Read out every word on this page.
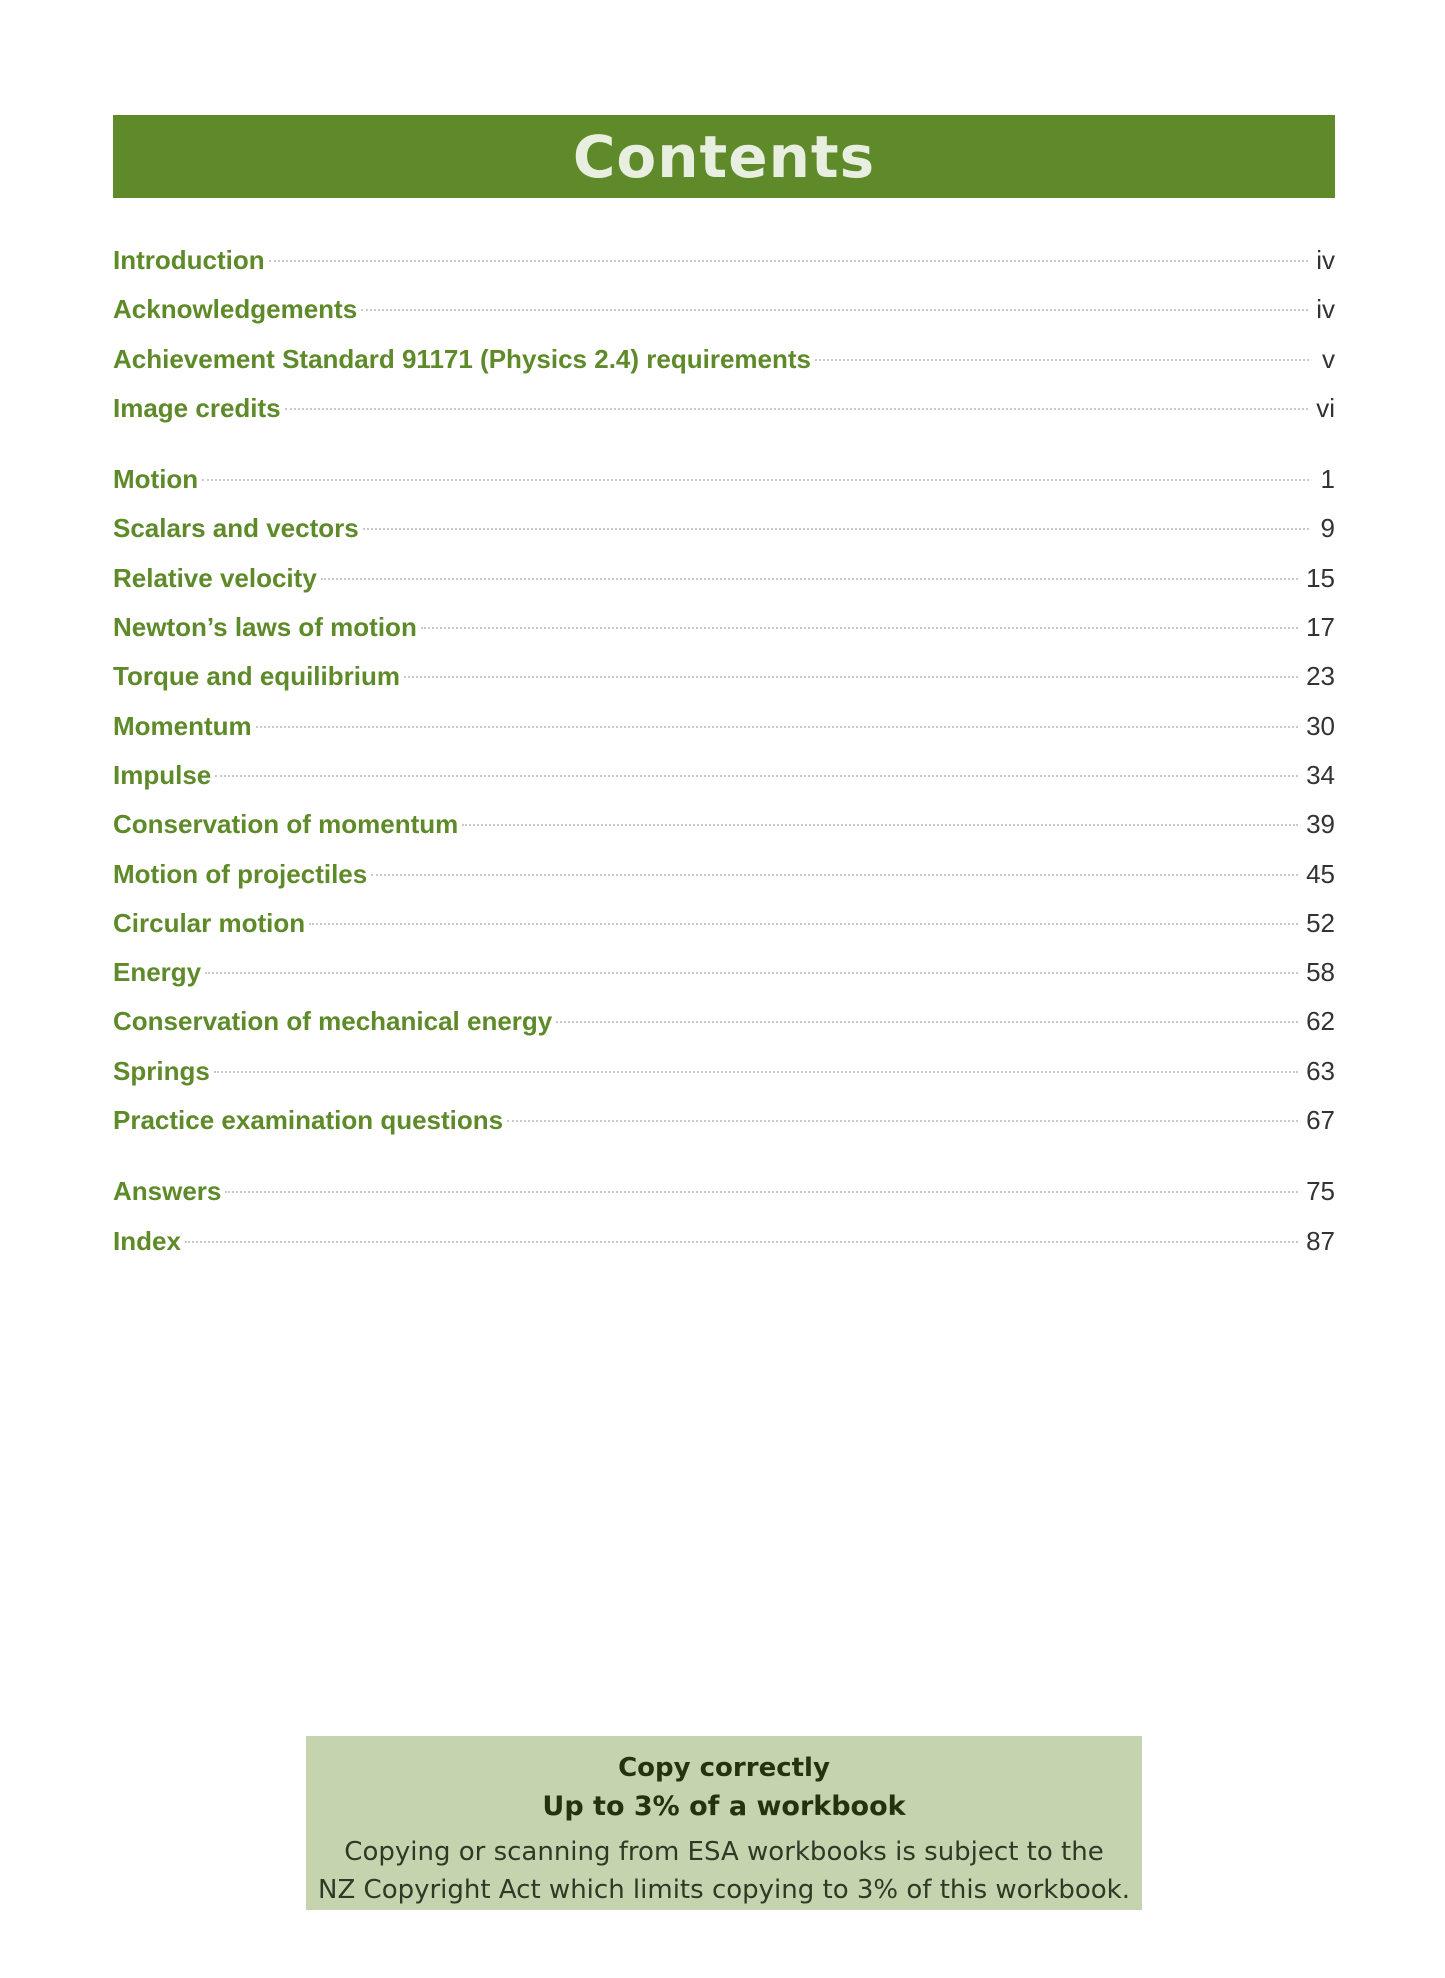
Contents
Introduction	iv
Acknowledgements	iv
Achievement Standard 91171 (Physics 2.4) requirements	v
Image credits	vi
Motion	1
Scalars and vectors	9
Relative velocity	15
Newton’s laws of motion	17
Torque and equilibrium	23
Momentum	30
Impulse	34
Conservation of momentum	39
Motion of projectiles	45
Circular motion	52
Energy	58
Conservation of mechanical energy	62
Springs	63
Practice examination questions	67
Answers	75
Index	87
Copy correctly
Up to 3% of a workbook
Copying or scanning from ESA workbooks is subject to the
NZ Copyright Act which limits copying to 3% of this workbook.
